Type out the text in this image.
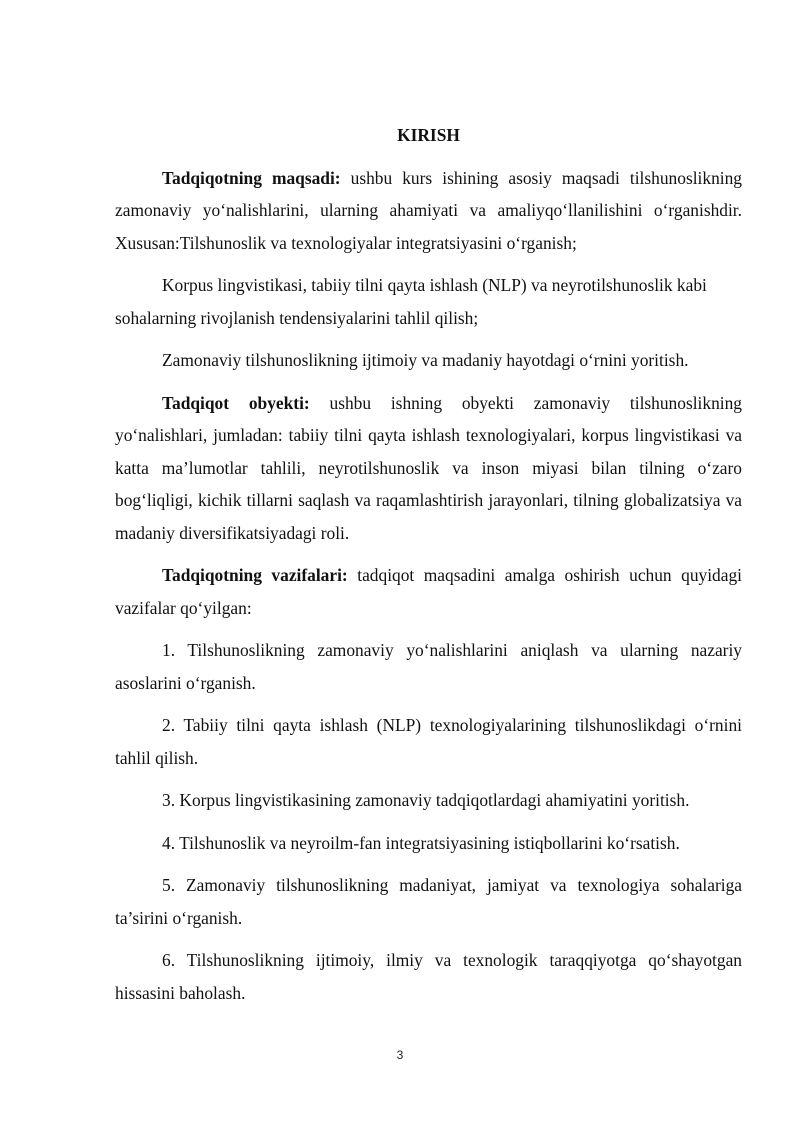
KIRISH

Tadqiqotning maqsadi: ushbu kurs ishining asosiy maqsadi tilshunoslikning zamonaviy yo‘nalishlarini, ularning ahamiyati va amaliyqo‘llanilishini o‘rganishdir. Xususan:Tilshunoslik va texnologiyalar integratsiyasini o‘rganish;

Korpus lingvistikasi, tabiiy tilni qayta ishlash (NLP) va neyrotilshunoslik kabi sohalarning rivojlanish tendensiyalarini tahlil qilish;

Zamonaviy tilshunoslikning ijtimoiy va madaniy hayotdagi o‘rnini yoritish.

Tadqiqot obyekti: ushbu ishning obyekti zamonaviy tilshunoslikning yo‘nalishlari, jumladan: tabiiy tilni qayta ishlash texnologiyalari, korpus lingvistikasi va katta ma’lumotlar tahlili, neyrotilshunoslik va inson miyasi bilan tilning o‘zaro bog‘liqligi, kichik tillarni saqlash va raqamlashtirish jarayonlari, tilning globalizatsiya va madaniy diversifikatsiyadagi roli.

Tadqiqotning vazifalari: tadqiqot maqsadini amalga oshirish uchun quyidagi vazifalar qo‘yilgan:

1. Tilshunoslikning zamonaviy yo‘nalishlarini aniqlash va ularning nazariy asoslarini o‘rganish.

2. Tabiiy tilni qayta ishlash (NLP) texnologiyalarining tilshunoslikdagi o‘rnini tahlil qilish.

3. Korpus lingvistikasining zamonaviy tadqiqotlardagi ahamiyatini yoritish.

4. Tilshunoslik va neyroilm-fan integratsiyasining istiqbollarini ko‘rsatish.

5. Zamonaviy tilshunoslikning madaniyat, jamiyat va texnologiya sohalariga ta’sirini o‘rganish.

6. Tilshunoslikning ijtimoiy, ilmiy va texnologik taraqqiyotga qo‘shayotgan hissasini baholash.

3
